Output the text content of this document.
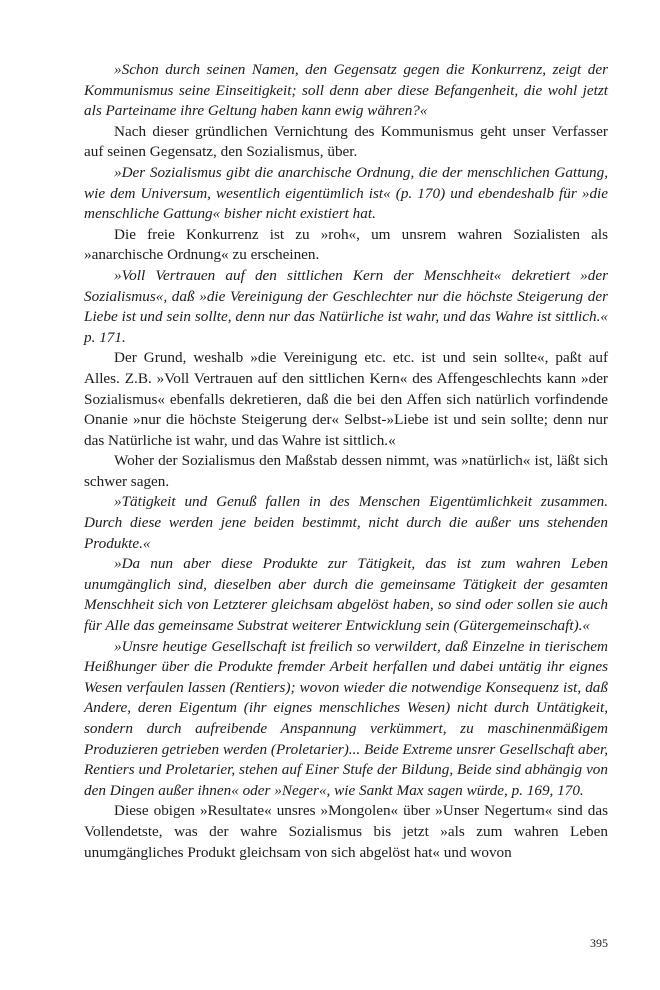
»Schon durch seinen Namen, den Gegensatz gegen die Konkurrenz, zeigt der Kommunismus seine Einseitigkeit; soll denn aber diese Befangenheit, die wohl jetzt als Parteiname ihre Geltung haben kann ewig währen?«

Nach dieser gründlichen Vernichtung des Kommunismus geht unser Verfasser auf seinen Gegensatz, den Sozialismus, über.

»Der Sozialismus gibt die anarchische Ordnung, die der menschlichen Gattung, wie dem Universum, wesentlich eigentümlich ist« (p. 170) und ebendeshalb für »die menschliche Gattung« bisher nicht existiert hat.

Die freie Konkurrenz ist zu »roh«, um unsrem wahren Sozialisten als »anarchische Ordnung« zu erscheinen.

»Voll Vertrauen auf den sittlichen Kern der Menschheit« dekretiert »der Sozialismus«, daß »die Vereinigung der Geschlechter nur die höchste Steigerung der Liebe ist und sein sollte, denn nur das Natürliche ist wahr, und das Wahre ist sittlich.« p. 171.

Der Grund, weshalb »die Vereinigung etc. etc. ist und sein sollte«, paßt auf Alles. Z.B. »Voll Vertrauen auf den sittlichen Kern« des Affengeschlechts kann »der Sozialismus« ebenfalls dekretieren, daß die bei den Affen sich natürlich vorfindende Onanie »nur die höchste Steigerung der« Selbst-»Liebe ist und sein sollte; denn nur das Natürliche ist wahr, und das Wahre ist sittlich.«

Woher der Sozialismus den Maßstab dessen nimmt, was »natürlich« ist, läßt sich schwer sagen.

»Tätigkeit und Genuß fallen in des Menschen Eigentümlichkeit zusammen. Durch diese werden jene beiden bestimmt, nicht durch die außer uns stehenden Produkte.«

»Da nun aber diese Produkte zur Tätigkeit, das ist zum wahren Leben unumgänglich sind, dieselben aber durch die gemeinsame Tätigkeit der gesamten Menschheit sich von Letzterer gleichsam abgelöst haben, so sind oder sollen sie auch für Alle das gemeinsame Substrat weiterer Entwicklung sein (Gütergemeinschaft).«

»Unsre heutige Gesellschaft ist freilich so verwildert, daß Einzelne in tierischem Heißhunger über die Produkte fremder Arbeit herfallen und dabei untätig ihr eignes Wesen verfaulen lassen (Rentiers); wovon wieder die notwendige Konsequenz ist, daß Andere, deren Eigentum (ihr eignes menschliches Wesen) nicht durch Untätigkeit, sondern durch aufreibende Anspannung verkümmert, zu maschinenmäßigem Produzieren getrieben werden (Proletarier)... Beide Extreme unsrer Gesellschaft aber, Rentiers und Proletarier, stehen auf Einer Stufe der Bildung, Beide sind abhängig von den Dingen außer ihnen« oder »Neger«, wie Sankt Max sagen würde, p. 169, 170.

Diese obigen »Resultate« unsres »Mongolen« über »Unser Negertum« sind das Vollendetste, was der wahre Sozialismus bis jetzt »als zum wahren Leben unumgängliches Produkt gleichsam von sich abgelöst hat« und wovon

395
